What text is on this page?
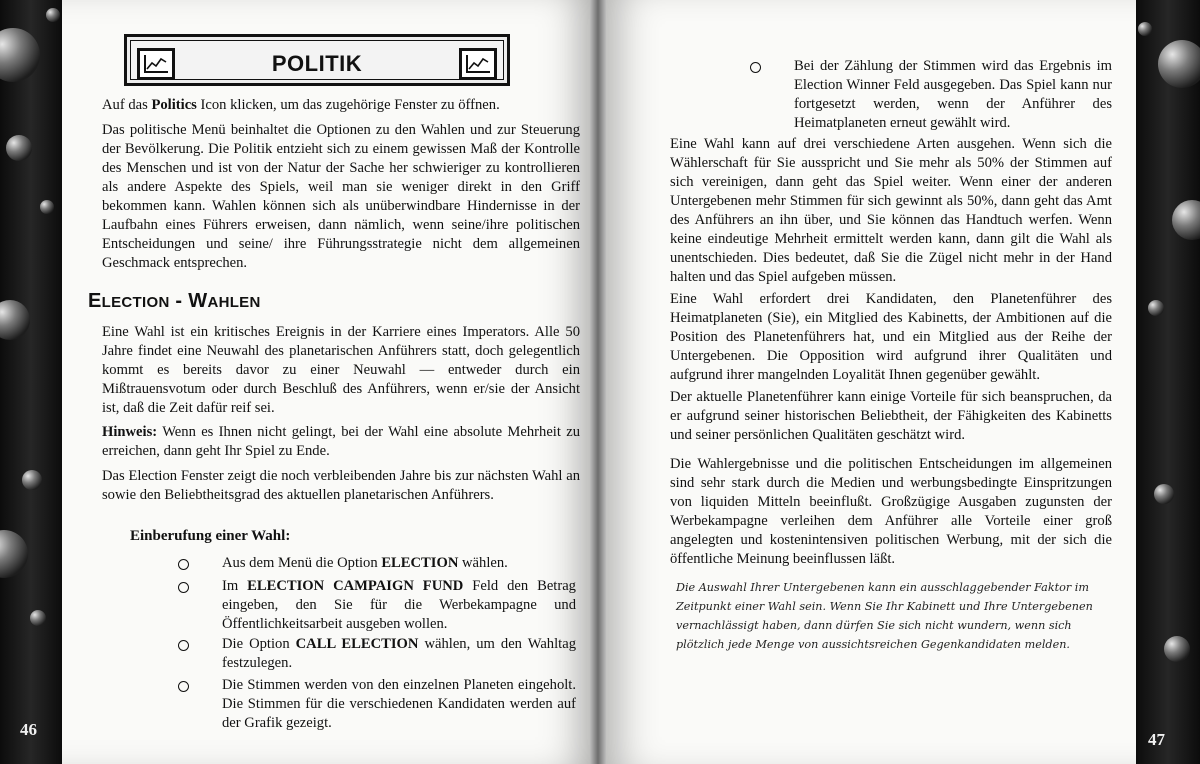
POLITIK

Auf das Politics Icon klicken, um das zugehörige Fenster zu öffnen.

Das politische Menü beinhaltet die Optionen zu den Wahlen und zur Steuerung der Bevölkerung. Die Politik entzieht sich zu einem gewissen Maß der Kontrolle des Menschen und ist von der Natur der Sache her schwieriger zu kontrollieren als andere Aspekte des Spiels, weil man sie weniger direkt in den Griff bekommen kann. Wahlen können sich als unüberwindbare Hindernisse in der Laufbahn eines Führers erweisen, dann nämlich, wenn seine/ihre politischen Entscheidungen und seine/ ihre Führungsstrategie nicht dem allgemeinen Geschmack entsprechen.

ELECTION - WAHLEN

Eine Wahl ist ein kritisches Ereignis in der Karriere eines Imperators. Alle 50 Jahre findet eine Neuwahl des planetarischen Anführers statt, doch gelegentlich kommt es bereits davor zu einer Neuwahl — entweder durch ein Mißtrauensvotum oder durch Beschluß des Anführers, wenn er/sie der Ansicht ist, daß die Zeit dafür reif sei.

Hinweis: Wenn es Ihnen nicht gelingt, bei der Wahl eine absolute Mehrheit zu erreichen, dann geht Ihr Spiel zu Ende.

Das Election Fenster zeigt die noch verbleibenden Jahre bis zur nächsten Wahl an sowie den Beliebtheitsgrad des aktuellen planetarischen Anführers.

Einberufung einer Wahl:

Aus dem Menü die Option ELECTION wählen.

Im ELECTION CAMPAIGN FUND Feld den Betrag eingeben, den Sie für die Werbekampagne und Öffentlichkeitsarbeit ausgeben wollen.

Die Option CALL ELECTION wählen, um den Wahltag festzulegen.

Die Stimmen werden von den einzelnen Planeten eingeholt. Die Stimmen für die verschiedenen Kandidaten werden auf der Grafik gezeigt.

Bei der Zählung der Stimmen wird das Ergebnis im Election Winner Feld ausgegeben. Das Spiel kann nur fortgesetzt werden, wenn der Anführer des Heimatplaneten erneut gewählt wird.

Eine Wahl kann auf drei verschiedene Arten ausgehen. Wenn sich die Wählerschaft für Sie ausspricht und Sie mehr als 50% der Stimmen auf sich vereinigen, dann geht das Spiel weiter. Wenn einer der anderen Untergebenen mehr Stimmen für sich gewinnt als 50%, dann geht das Amt des Anführers an ihn über, und Sie können das Handtuch werfen. Wenn keine eindeutige Mehrheit ermittelt werden kann, dann gilt die Wahl als unentschieden. Dies bedeutet, daß Sie die Zügel nicht mehr in der Hand halten und das Spiel aufgeben müssen.

Eine Wahl erfordert drei Kandidaten, den Planetenführer des Heimatplaneten (Sie), ein Mitglied des Kabinetts, der Ambitionen auf die Position des Planetenführers hat, und ein Mitglied aus der Reihe der Untergebenen. Die Opposition wird aufgrund ihrer Qualitäten und aufgrund ihrer mangelnden Loyalität Ihnen gegenüber gewählt.

Der aktuelle Planetenführer kann einige Vorteile für sich beanspruchen, da er aufgrund seiner historischen Beliebtheit, der Fähigkeiten des Kabinetts und seiner persönlichen Qualitäten geschätzt wird.

Die Wahlergebnisse und die politischen Entscheidungen im allgemeinen sind sehr stark durch die Medien und werbungsbedingte Einspritzungen von liquiden Mitteln beeinflußt. Großzügige Ausgaben zugunsten der Werbekampagne verleihen dem Anführer alle Vorteile einer groß angelegten und kostenintensiven politischen Werbung, mit der sich die öffentliche Meinung beeinflussen läßt.

Die Auswahl Ihrer Untergebenen kann ein ausschlaggebender Faktor im Zeitpunkt einer Wahl sein. Wenn Sie Ihr Kabinett und Ihre Untergebenen vernachlässigt haben, dann dürfen Sie sich nicht wundern, wenn sich plötzlich jede Menge von aussichtsreichen Gegenkandidaten melden.
46
47
